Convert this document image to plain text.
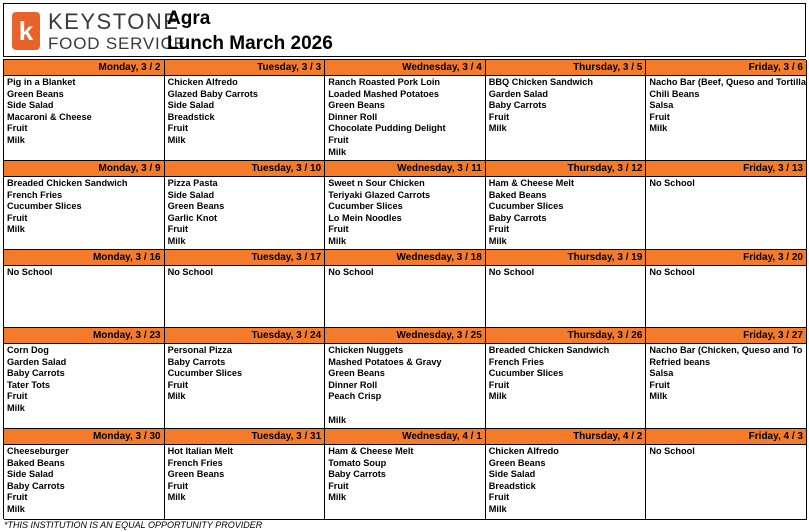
k KEYSTONE
FOOD SERVICE
Agra
Lunch March 2026
Monday, 3 / 2
Pig in a Blanket
Green Beans
Side Salad
Macaroni & Cheese
Fruit
Milk
Tuesday, 3 / 3
Chicken Alfredo
Glazed Baby Carrots
Side Salad
Breadstick
Fruit
Milk
Wednesday, 3 / 4
Ranch Roasted Pork Loin
Loaded Mashed Potatoes
Green Beans
Dinner Roll
Chocolate Pudding Delight
Fruit
Milk
Thursday, 3 / 5
BBQ Chicken Sandwich
Garden Salad
Baby Carrots
Fruit
Milk
Friday, 3 / 6
Nacho Bar (Beef, Queso and Tortilla
Chili Beans
Salsa
Fruit
Milk
Monday, 3 / 9
Breaded Chicken Sandwich
French Fries
Cucumber Slices
Fruit
Milk
Tuesday, 3 / 10
Pizza Pasta
Side Salad
Green Beans
Garlic Knot
Fruit
Milk
Wednesday, 3 / 11
Sweet n Sour Chicken
Teriyaki Glazed Carrots
Cucumber Slices
Lo Mein Noodles
Fruit
Milk
Thursday, 3 / 12
Ham & Cheese Melt
Baked Beans
Cucumber Slices
Baby Carrots
Fruit
Milk
Friday, 3 / 13
No School
Monday, 3 / 16
No School
Tuesday, 3 / 17
No School
Wednesday, 3 / 18
No School
Thursday, 3 / 19
No School
Friday, 3 / 20
No School
Monday, 3 / 23
Corn Dog
Garden Salad
Baby Carrots
Tater Tots
Fruit
Milk
Tuesday, 3 / 24
Personal Pizza
Baby Carrots
Cucumber Slices
Fruit
Milk
Wednesday, 3 / 25
Chicken Nuggets
Mashed Potatoes & Gravy
Green Beans
Dinner Roll
Peach Crisp
Milk
Thursday, 3 / 26
Breaded Chicken Sandwich
French Fries
Cucumber Slices
Fruit
Milk
Friday, 3 / 27
Nacho Bar (Chicken, Queso and To
Refried beans
Salsa
Fruit
Milk
Monday, 3 / 30
Cheeseburger
Baked Beans
Side Salad
Baby Carrots
Fruit
Milk
Tuesday, 3 / 31
Hot Italian Melt
French Fries
Green Beans
Fruit
Milk
Wednesday, 4 / 1
Ham & Cheese Melt
Tomato Soup
Baby Carrots
Fruit
Milk
Thursday, 4 / 2
Chicken Alfredo
Green Beans
Side Salad
Breadstick
Fruit
Milk
Friday, 4 / 3
No School
*THIS INSTITUTION IS AN EQUAL OPPORTUNITY PROVIDER
